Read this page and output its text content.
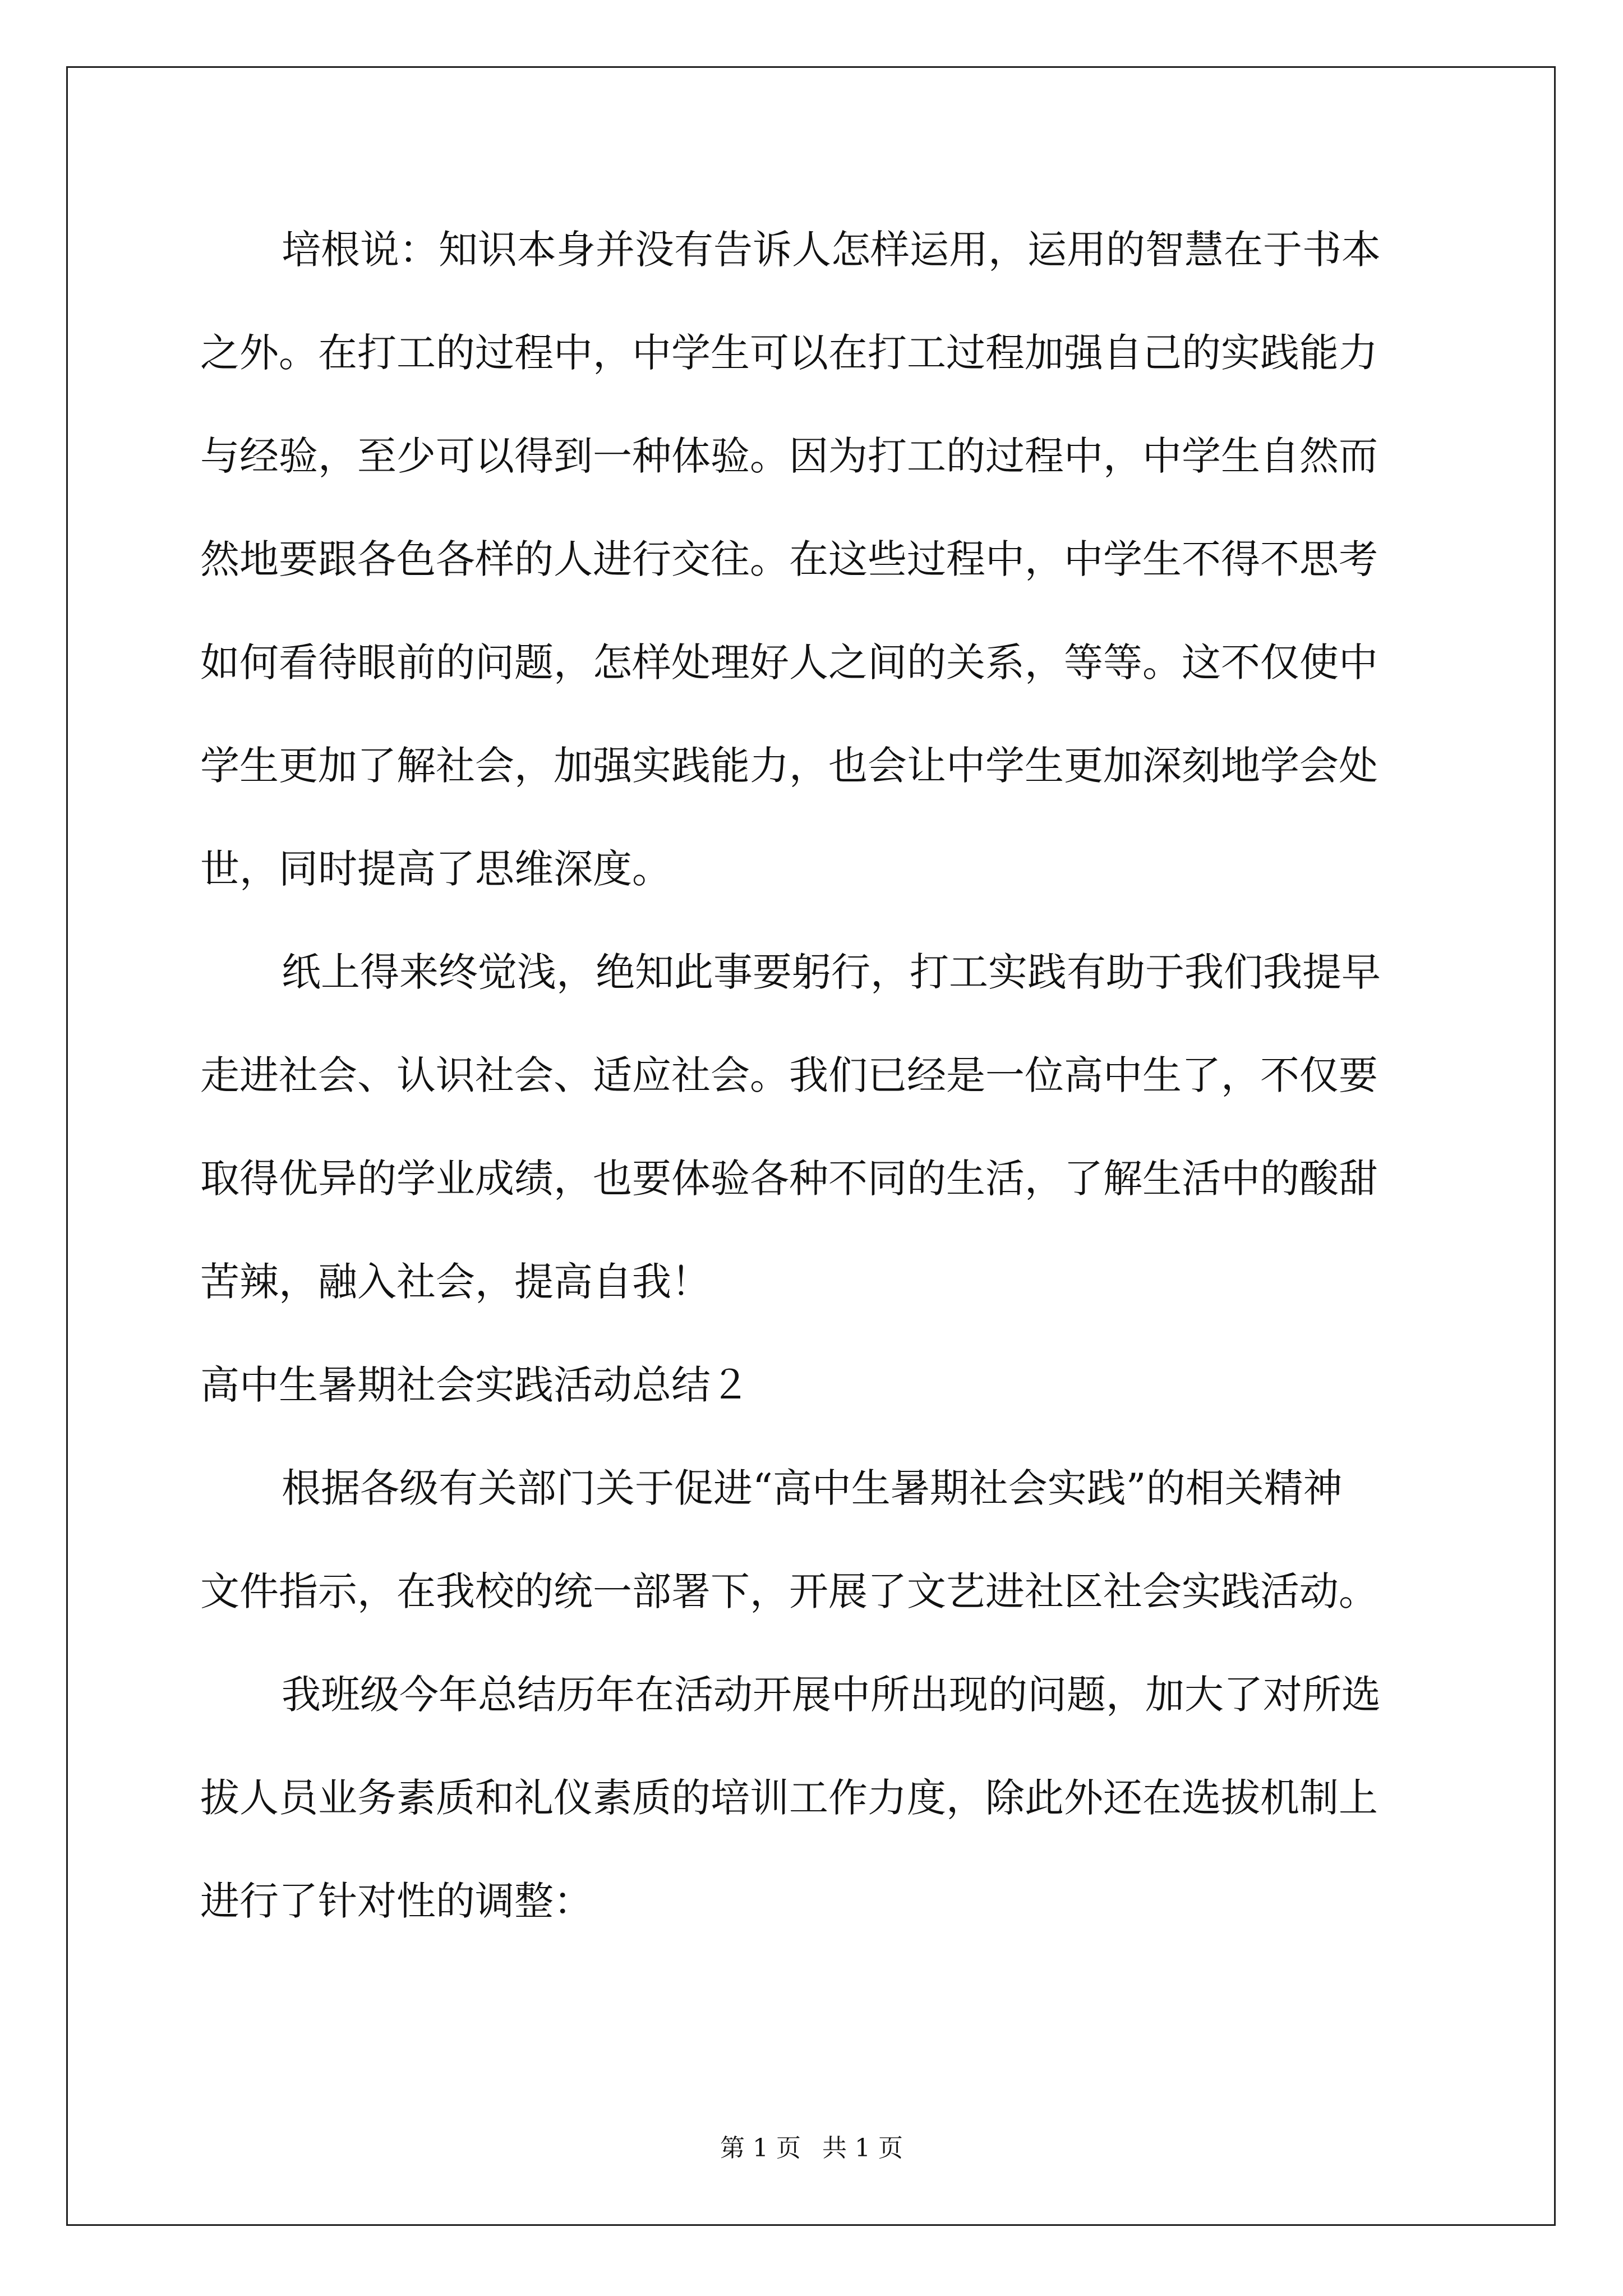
培根说：知识本身并没有告诉人怎样运用，运用的智慧在于书本
之外。在打工的过程中，中学生可以在打工过程加强自己的实践能力
与经验，至少可以得到一种体验。因为打工的过程中，中学生自然而
然地要跟各色各样的人进行交往。在这些过程中，中学生不得不思考
如何看待眼前的问题，怎样处理好人之间的关系，等等。这不仅使中
学生更加了解社会，加强实践能力，也会让中学生更加深刻地学会处
世，同时提高了思维深度。
纸上得来终觉浅，绝知此事要躬行，打工实践有助于我们我提早
走进社会、认识社会、适应社会。我们已经是一位高中生了，不仅要
取得优异的学业成绩，也要体验各种不同的生活，了解生活中的酸甜
苦辣，融入社会，提高自我！
高中生暑期社会实践活动总结２
根据各级有关部门关于促进“高中生暑期社会实践”的相关精神
文件指示，在我校的统一部署下，开展了文艺进社区社会实践活动。
我班级今年总结历年在活动开展中所出现的问题，加大了对所选
拔人员业务素质和礼仪素质的培训工作力度，除此外还在选拔机制上
进行了针对性的调整：
第 1 页 共 1 页
